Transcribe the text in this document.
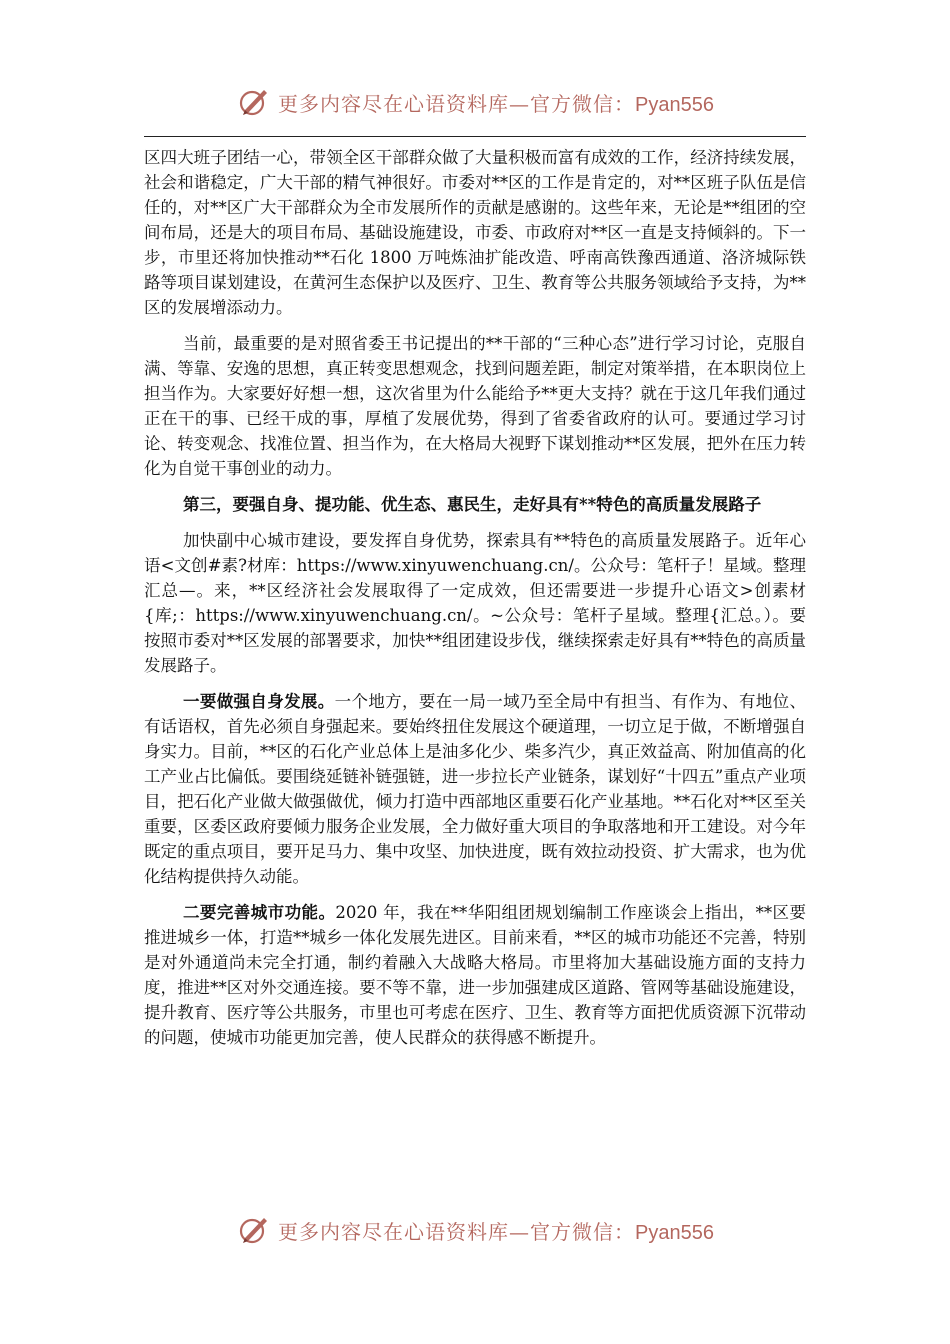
更多内容尽在心语资料库—官方微信：Pyan556

区四大班子团结一心，带领全区干部群众做了大量积极而富有成效的工作，经济持续发展，社会和谐稳定，广大干部的精气神很好。市委对**区的工作是肯定的，对**区班子队伍是信任的，对**区广大干部群众为全市发展所作的贡献是感谢的。这些年来，无论是**组团的空间布局，还是大的项目布局、基础设施建设，市委、市政府对**区一直是支持倾斜的。下一步，市里还将加快推动**石化 1800 万吨炼油扩能改造、呼南高铁豫西通道、洛济城际铁路等项目谋划建设，在黄河生态保护以及医疗、卫生、教育等公共服务领域给予支持，为**区的发展增添动力。

当前，最重要的是对照省委王书记提出的**干部的“三种心态”进行学习讨论，克服自满、等靠、安逸的思想，真正转变思想观念，找到问题差距，制定对策举措，在本职岗位上担当作为。大家要好好想一想，这次省里为什么能给予**更大支持？就在于这几年我们通过正在干的事、已经干成的事，厚植了发展优势，得到了省委省政府的认可。要通过学习讨论、转变观念、找准位置、担当作为，在大格局大视野下谋划推动**区发展，把外在压力转化为自觉干事创业的动力。

第三，要强自身、提功能、优生态、惠民生，走好具有**特色的高质量发展路子

加快副中心城市建设，要发挥自身优势，探索具有**特色的高质量发展路子。近年心语<文创#素?材库：https://www.xinyuwenchuang.cn/。公众号：笔杆子！星域。整理汇总—。来，**区经济社会发展取得了一定成效，但还需要进一步提升心语文>创素材{库;：https://www.xinyuwenchuang.cn/。~公众号：笔杆子星域。整理{汇总。）。要按照市委对**区发展的部署要求，加快**组团建设步伐，继续探索走好具有**特色的高质量发展路子。

一要做强自身发展。一个地方，要在一局一域乃至全局中有担当、有作为、有地位、有话语权，首先必须自身强起来。要始终扭住发展这个硬道理，一切立足于做，不断增强自身实力。目前，**区的石化产业总体上是油多化少、柴多汽少，真正效益高、附加值高的化工产业占比偏低。要围绕延链补链强链，进一步拉长产业链条，谋划好“十四五”重点产业项目，把石化产业做大做强做优，倾力打造中西部地区重要石化产业基地。**石化对**区至关重要，区委区政府要倾力服务企业发展，全力做好重大项目的争取落地和开工建设。对今年既定的重点项目，要开足马力、集中攻坚、加快进度，既有效拉动投资、扩大需求，也为优化结构提供持久动能。

二要完善城市功能。2020 年，我在**华阳组团规划编制工作座谈会上指出，**区要推进城乡一体，打造**城乡一体化发展先进区。目前来看，**区的城市功能还不完善，特别是对外通道尚未完全打通，制约着融入大战略大格局。市里将加大基础设施方面的支持力度，推进**区对外交通连接。要不等不靠，进一步加强建成区道路、管网等基础设施建设，提升教育、医疗等公共服务，市里也可考虑在医疗、卫生、教育等方面把优质资源下沉带动的问题，使城市功能更加完善，使人民群众的获得感不断提升。

更多内容尽在心语资料库—官方微信：Pyan556
